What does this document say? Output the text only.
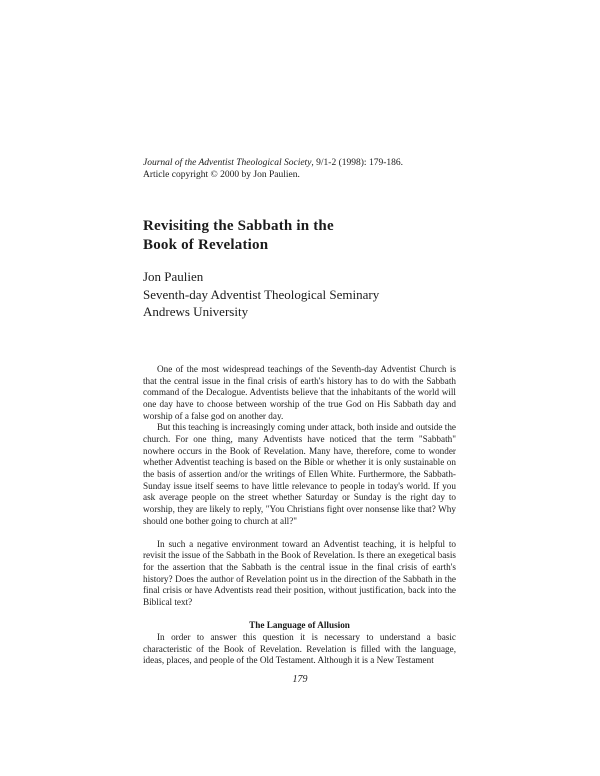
Journal of the Adventist Theological Society, 9/1-2 (1998): 179-186.
Article copyright © 2000 by Jon Paulien.
Revisiting the Sabbath in the
Book of Revelation
Jon Paulien
Seventh-day Adventist Theological Seminary
Andrews University

One of the most widespread teachings of the Seventh-day Adventist Church is that the central issue in the final crisis of earth's history has to do with the Sabbath command of the Decalogue. Adventists believe that the inhabitants of the world will one day have to choose between worship of the true God on His Sabbath day and worship of a false god on another day.

But this teaching is increasingly coming under attack, both inside and outside the church. For one thing, many Adventists have noticed that the term "Sabbath" nowhere occurs in the Book of Revelation. Many have, therefore, come to wonder whether Adventist teaching is based on the Bible or whether it is only sustainable on the basis of assertion and/or the writings of Ellen White. Furthermore, the Sabbath-Sunday issue itself seems to have little relevance to people in today's world. If you ask average people on the street whether Saturday or Sunday is the right day to worship, they are likely to reply, "You Christians fight over nonsense like that? Why should one bother going to church at all?"

In such a negative environment toward an Adventist teaching, it is helpful to revisit the issue of the Sabbath in the Book of Revelation. Is there an exegetical basis for the assertion that the Sabbath is the central issue in the final crisis of earth's history? Does the author of Revelation point us in the direction of the Sabbath in the final crisis or have Adventists read their position, without justification, back into the Biblical text?

The Language of Allusion

In order to answer this question it is necessary to understand a basic characteristic of the Book of Revelation. Revelation is filled with the language, ideas, places, and people of the Old Testament. Although it is a New Testament

179
